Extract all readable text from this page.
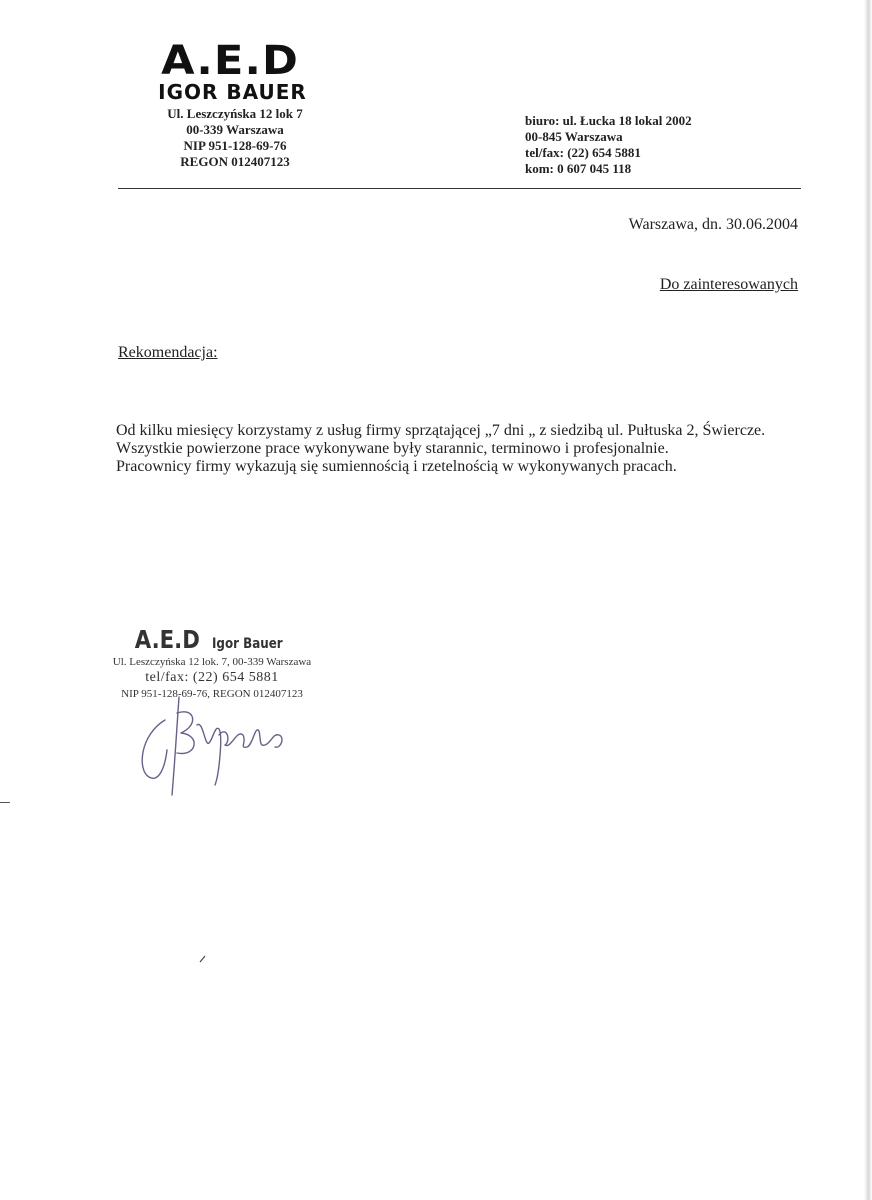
A.E.D
IGOR BAUER
Ul. Leszczyńska 12 lok 7
00-339 Warszawa
NIP 951-128-69-76
REGON 012407123
biuro: ul. Łucka 18 lokal 2002
00-845 Warszawa
tel/fax: (22) 654 5881
kom: 0 607 045 118
Warszawa, dn. 30.06.2004
Do zainteresowanych
Rekomendacja:

Od kilku miesięcy korzystamy z usług firmy sprzątającej „7 dni „ z siedzibą ul. Pułtuska 2, Świercze.

Wszystkie powierzone prace wykonywane były starannic, terminowo i profesjonalnie.

Pracownicy firmy wykazują się sumiennością i rzetelnością w wykonywanych pracach.

A.E.D Igor Bauer
Ul. Leszczyńska 12 lok. 7, 00-339 Warszawa
tel/fax: (22) 654 5881
NIP 951-128-69-76, REGON 012407123
